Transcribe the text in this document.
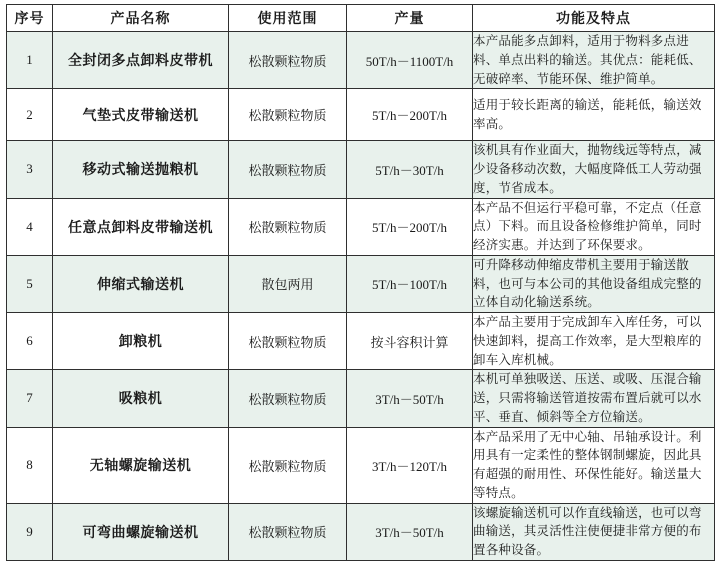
序号	产品名称	使用范围	产量	功能及特点
1	全封闭多点卸料皮带机	松散颗粒物质	50T/h－1100T/h	本产品能多点卸料，适用于物料多点进料、单点出料的输送。其优点：能耗低、无破碎率、节能环保、维护简单。
2	气垫式皮带输送机	松散颗粒物质	5T/h－200T/h	适用于较长距离的输送，能耗低，输送效率高。
3	移动式输送抛粮机	松散颗粒物质	5T/h－30T/h	该机具有作业面大，抛物线远等特点，减少设备移动次数，大幅度降低工人劳动强度，节省成本。
4	任意点卸料皮带输送机	松散颗粒物质	5T/h－200T/h	本产品不但运行平稳可靠，不定点（任意点）下料。而且设备检修维护简单，同时经济实惠。并达到了环保要求。
5	伸缩式输送机	散包两用	5T/h－100T/h	可升降移动伸缩皮带机主要用于输送散料，也可与本公司的其他设备组成完整的立体自动化输送系统。
6	卸粮机	松散颗粒物质	按斗容积计算	本产品主要用于完成卸车入库任务，可以快速卸料，提高工作效率，是大型粮库的卸车入库机械。
7	吸粮机	松散颗粒物质	3T/h－50T/h	本机可单独吸送、压送、或吸、压混合输送，只需将输送管道按需布置后就可以水平、垂直、倾斜等全方位输送。
8	无轴螺旋输送机	松散颗粒物质	3T/h－120T/h	本产品采用了无中心轴、吊轴承设计。利用具有一定柔性的整体钢制螺旋，因此具有超强的耐用性、环保性能好。输送量大等特点。
9	可弯曲螺旋输送机	松散颗粒物质	3T/h－50T/h	该螺旋输送机可以作直线输送，也可以弯曲输送，其灵活性注使便捷非常方便的布置各种设备。
